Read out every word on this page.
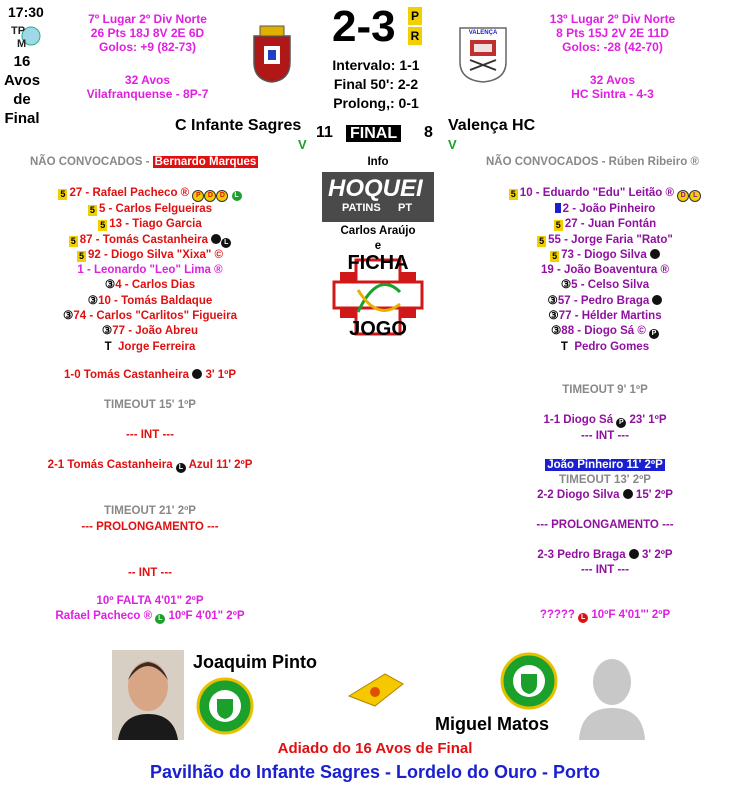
17:30
TP
M
16 Avos de Final
7º Lugar 2º Div Norte
26 Pts 18J 8V 2E 6D
Golos: +9 (82-73)
32 Avos
Vilafranquense - 8P-7
2-3 P
R
Intervalo: 1-1
Final 50': 2-2
Prolong,: 0-1
VALENÇA
13º Lugar 2º Div Norte
8 Pts 15J 2V 2E 11D
Golos: -28 (42-70)
32 Avos
HC Sintra - 4-3
C Infante Sagres
V
11 FINAL 8 Valença HC
V
NÃO CONVOCADOS - Bernardo Marques	NÃO CONVOCADOS - Rúben Ribeiro ®
Info
HOQUEI
PATINS PT
Carlos Araújo
e
FICHA
JOGO
5 27 - Rafael Pacheco ® P D D L
5 5 - Carlos Felgueiras
5 13 - Tiago Garcia
5 87 - Tomás Castanheira L
5 92 - Diogo Silva "Xixa" ©
1 - Leonardo "Leo" Lima ®
③4 - Carlos Dias
③10 - Tomás Baldaque
③74 - Carlos "Carlitos" Figueira
③77 - João Abreu
T Jorge Ferreira
5 10 - Eduardo "Edu" Leitão ® D L
2 - João Pinheiro
5 27 - Juan Fontán
5 55 - Jorge Faria "Rato"
5 73 - Diogo Silva
19 - João Boaventura ®
③5 - Celso Silva
③57 - Pedro Braga
③77 - Hélder Martins
③88 - Diogo Sá © P
T Pedro Gomes
1-0 Tomás Castanheira 3' 1ºP
TIMEOUT 15' 1ºP
--- INT ---
2-1 Tomás Castanheira L Azul 11' 2ºP
TIMEOUT 21' 2ºP
--- PROLONGAMENTO ---
-- INT ---
10º FALTA 4'01" 2ºP
Rafael Pacheco ® L 10ºF 4'01" 2ºP
TIMEOUT 9' 1ºP
1-1 Diogo Sá P 23' 1ºP
--- INT ---
João Pinheiro 11' 2ºP
TIMEOUT 13' 2ºP
2-2 Diogo Silva 15' 2ºP
--- PROLONGAMENTO ---
2-3 Pedro Braga 3' 2ºP
--- INT ---
????? L 10ºF 4'01"' 2ºP
Joaquim Pinto
Miguel Matos
Adiado do 16 Avos de Final
Pavilhão do Infante Sagres - Lordelo do Ouro - Porto
